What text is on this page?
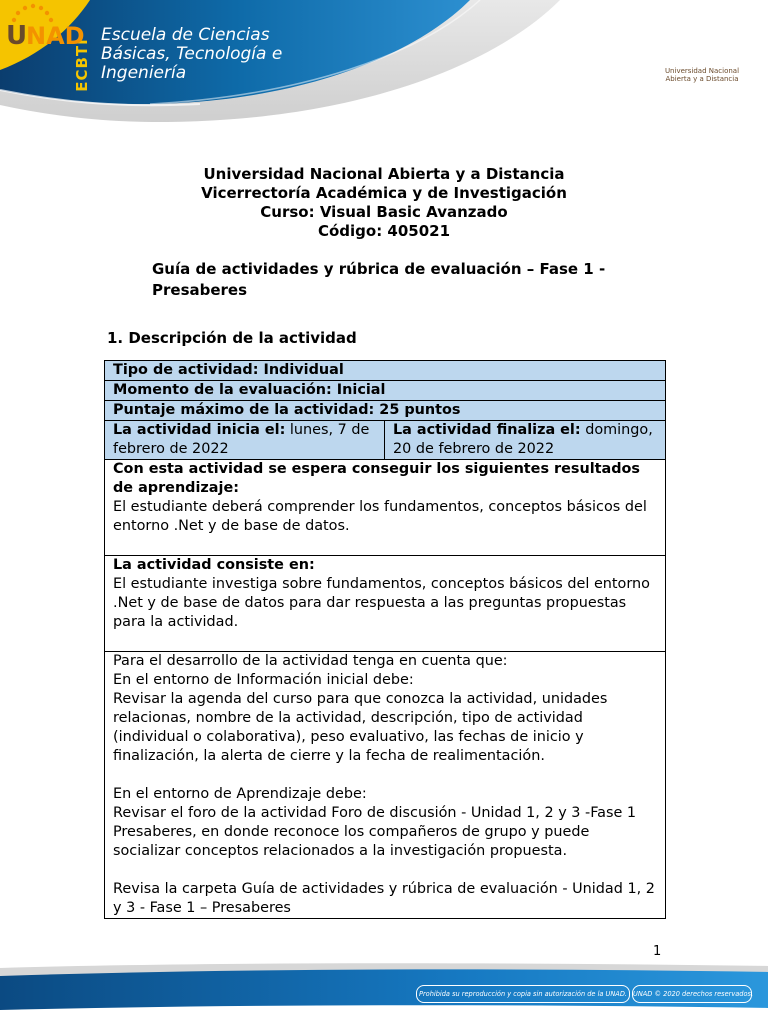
ECBTI
Escuela de Ciencias
Básicas, Tecnología e
Ingeniería
U
NAD
Universidad Nacional
Abierta y a Distancia
Universidad Nacional Abierta y a Distancia
Vicerrectoría Académica y de Investigación
Curso: Visual Basic Avanzado
Código: 405021
Guía de actividades y rúbrica de evaluación – Fase 1 - Presaberes
1. Descripción de la actividad
Tipo de actividad: Individual
Momento de la evaluación: Inicial
Puntaje máximo de la actividad: 25 puntos
La actividad inicia el: lunes, 7 de febrero de 2022
La actividad finaliza el: domingo, 20 de febrero de 2022
Con esta actividad se espera conseguir los siguientes resultados de aprendizaje:
El estudiante deberá comprender los fundamentos, conceptos básicos del entorno .Net y de base de datos.
La actividad consiste en:
El estudiante investiga sobre fundamentos, conceptos básicos del entorno .Net y de base de datos para dar respuesta a las preguntas propuestas para la actividad.
Para el desarrollo de la actividad tenga en cuenta que:
En el entorno de Información inicial debe:
Revisar la agenda del curso para que conozca la actividad, unidades relacionas, nombre de la actividad, descripción, tipo de actividad (individual o colaborativa), peso evaluativo, las fechas de inicio y finalización, la alerta de cierre y la fecha de realimentación.
En el entorno de Aprendizaje debe:
Revisar el foro de la actividad Foro de discusión - Unidad 1, 2 y 3 -Fase 1 Presaberes, en donde reconoce los compañeros de grupo y puede socializar conceptos relacionados a la investigación propuesta.
Revisa la carpeta Guía de actividades y rúbrica de evaluación - Unidad 1, 2 y 3 - Fase 1 – Presaberes
1
Prohibida su reproducción y copia sin autorización de la UNAD. UNAD © 2020 derechos reservados.
